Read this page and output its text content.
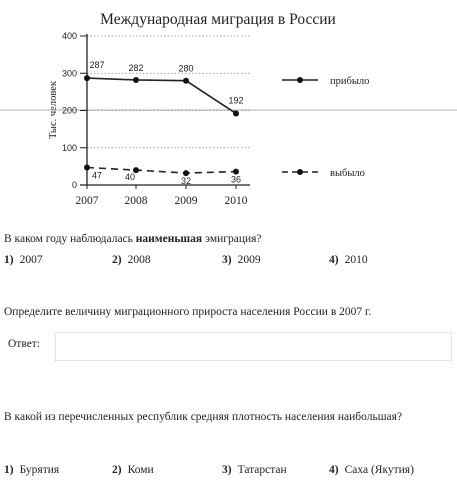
Международная миграция в России
Тыс. человек
0
100
200
300
400
2007 2008 2009 2010
287	282	280
192
47	40	32	36
прибыло
выбыло
В каком году наблюдалась наименьшая эмиграция?
1) 2007	2) 2008	3) 2009	4) 2010
Определите величину миграционного прироста населения России в 2007 г.
Ответ:
В какой из перечисленных республик средняя плотность населения наибольшая?
1) Бурятия	2) Коми	3) Татарстан	4) Саха (Якутия)
